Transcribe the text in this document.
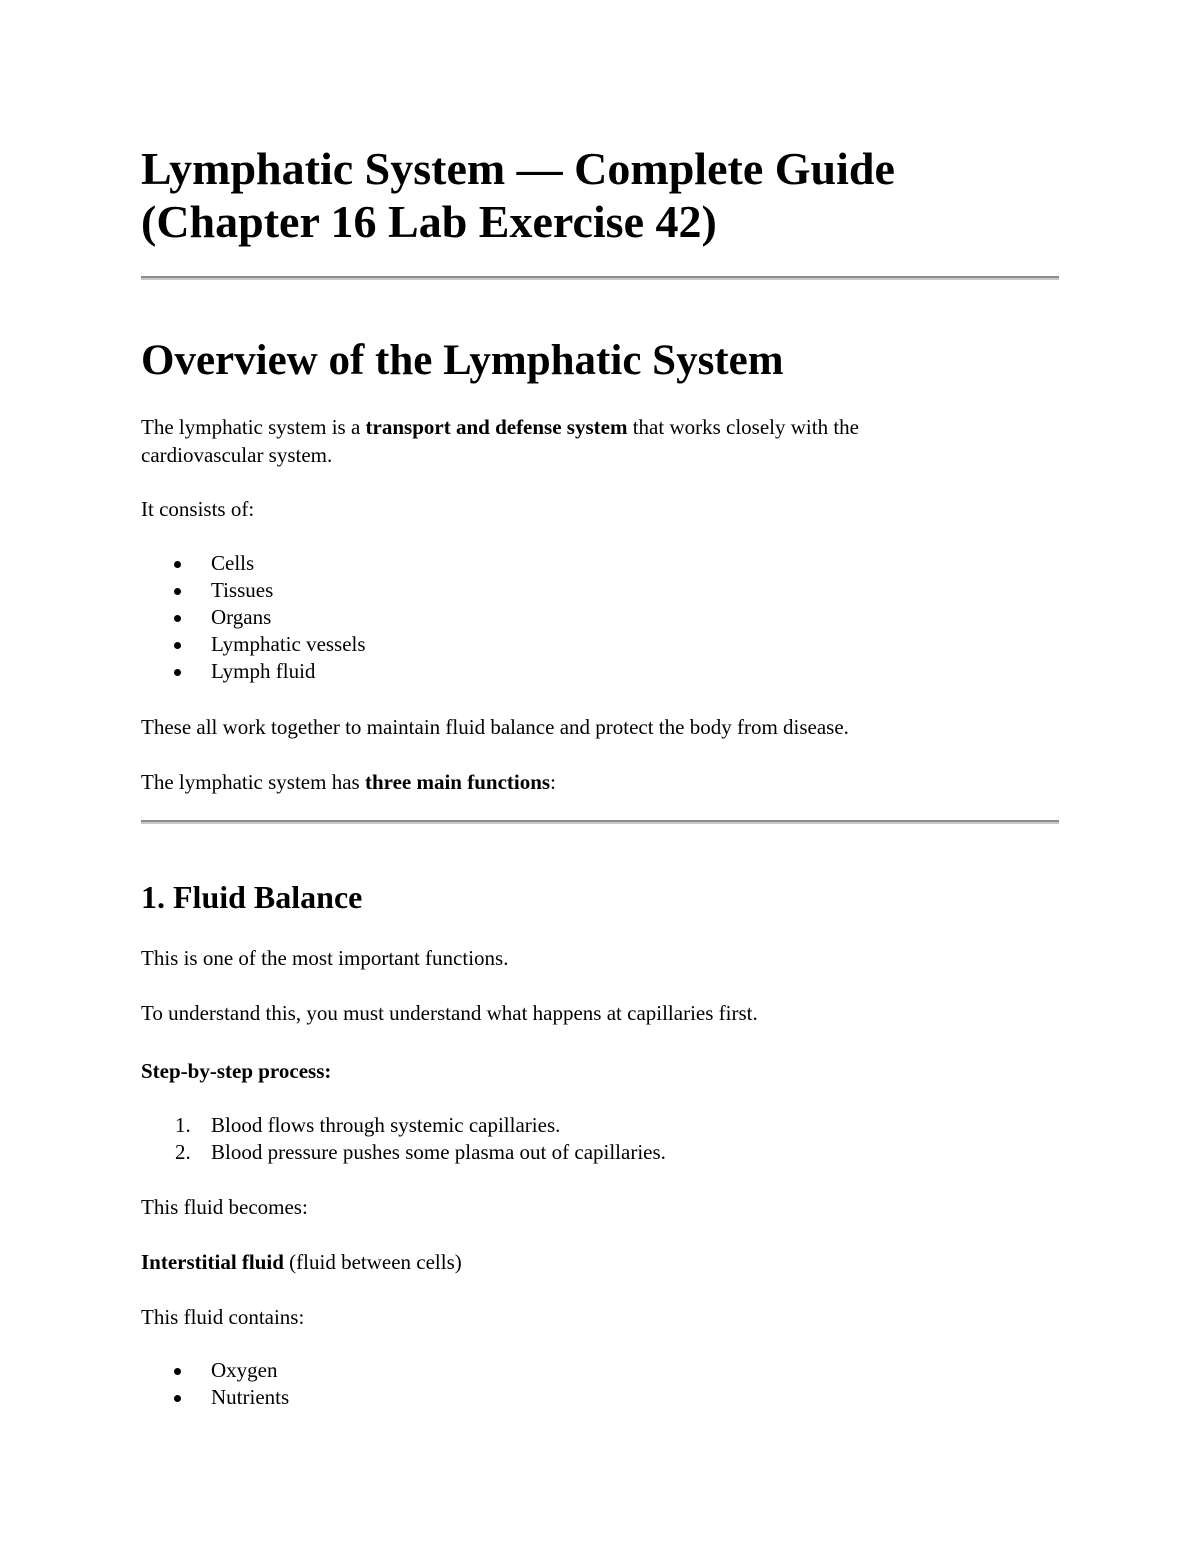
Lymphatic System — Complete Guide
(Chapter 16 Lab Exercise 42)
Overview of the Lymphatic System

The lymphatic system is a transport and defense system that works closely with the
cardiovascular system.

It consists of:

Cells
Tissues
Organs
Lymphatic vessels
Lymph fluid

These all work together to maintain fluid balance and protect the body from disease.

The lymphatic system has three main functions:

1. Fluid Balance

This is one of the most important functions.

To understand this, you must understand what happens at capillaries first.

Step-by-step process:
1. Blood flows through systemic capillaries.
2. Blood pressure pushes some plasma out of capillaries.

This fluid becomes:

Interstitial fluid (fluid between cells)

This fluid contains:

Oxygen
Nutrients
